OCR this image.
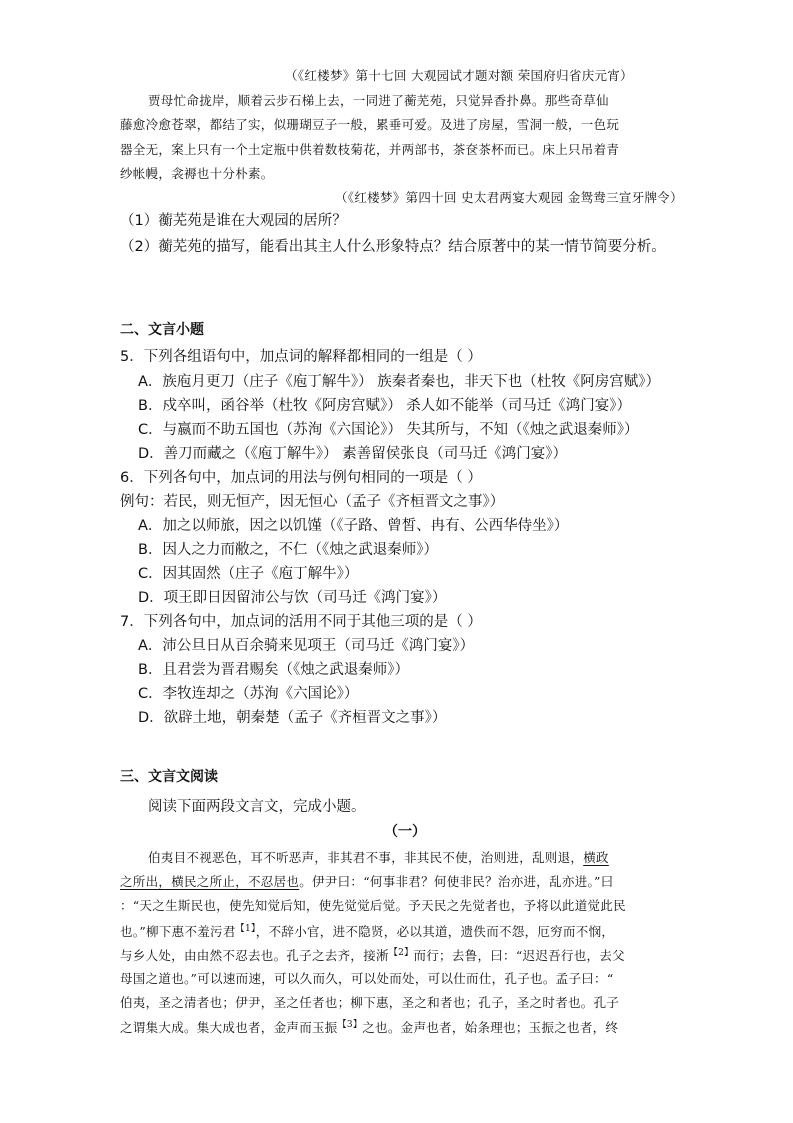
（《红楼梦》第十七回 大观园试才题对额 荣国府归省庆元宵）
贾母忙命拢岸，顺着云步石梯上去，一同进了蘅芜苑，只觉异香扑鼻。那些奇草仙
藤愈冷愈苍翠，都结了实，似珊瑚豆子一般，累垂可爱。及进了房屋，雪洞一般，一色玩
器全无，案上只有一个土定瓶中供着数枝菊花，并两部书，茶奁茶杯而已。床上只吊着青
纱帐幔，衾褥也十分朴素。
（《红楼梦》第四十回 史太君两宴大观园 金鸳鸯三宣牙牌令）
（1）蘅芜苑是谁在大观园的居所？
（2）蘅芜苑的描写，能看出其主人什么形象特点？结合原著中的某一情节简要分析。
二、文言小题
5．下列各组语句中，加点词的解释都相同的一组是（ ）
A．族庖月更刀（庄子《庖丁解牛》） 族秦者秦也，非天下也（杜牧《阿房宫赋》）
B．戍卒叫，函谷举（杜牧《阿房宫赋》） 杀人如不能举（司马迁《鸿门宴》）
C．与嬴而不助五国也（苏洵《六国论》） 失其所与，不知（《烛之武退秦师》）
D．善刀而藏之（《庖丁解牛》） 素善留侯张良（司马迁《鸿门宴》）
6．下列各句中，加点词的用法与例句相同的一项是（ ）
例句：若民，则无恒产，因无恒心（孟子《齐桓晋文之事》）
A．加之以师旅，因之以饥馑（《子路、曾皙、冉有、公西华侍坐》）
B．因人之力而敝之，不仁（《烛之武退秦师》）
C．因其固然（庄子《庖丁解牛》）
D．项王即日因留沛公与饮（司马迁《鸿门宴》）
7．下列各句中，加点词的活用不同于其他三项的是（ ）
A．沛公旦日从百余骑来见项王（司马迁《鸿门宴》）
B．且君尝为晋君赐矣（《烛之武退秦师》）
C．李牧连却之（苏洵《六国论》）
D．欲辟土地，朝秦楚（孟子《齐桓晋文之事》）
三、文言文阅读
阅读下面两段文言文，完成小题。
（一）
伯夷目不视恶色，耳不听恶声，非其君不事，非其民不使，治则进，乱则退，横政
之所出，横民之所止，不忍居也。伊尹曰：“何事非君？何使非民？治亦进，乱亦进。”曰
：“天之生斯民也，使先知觉后知，使先觉觉后觉。予天民之先觉者也，予将以此道觉此民
也。”柳下惠不羞污君$^{【1】}$，不辞小官，进不隐贤，必以其道，遗佚而不怨，厄穷而不悯，
与乡人处，由由然不忍去也。孔子之去齐，接淅$^{【2】}$而行；去鲁，曰：“迟迟吾行也，去父
母国之道也。”可以速而速，可以久而久，可以处而处，可以仕而仕，孔子也。孟子曰：“
伯夷，圣之清者也；伊尹，圣之任者也；柳下惠，圣之和者也；孔子，圣之时者也。孔子
之谓集大成。集大成也者，金声而玉振$^{【3】}$之也。金声也者，始条理也；玉振之也者，终
